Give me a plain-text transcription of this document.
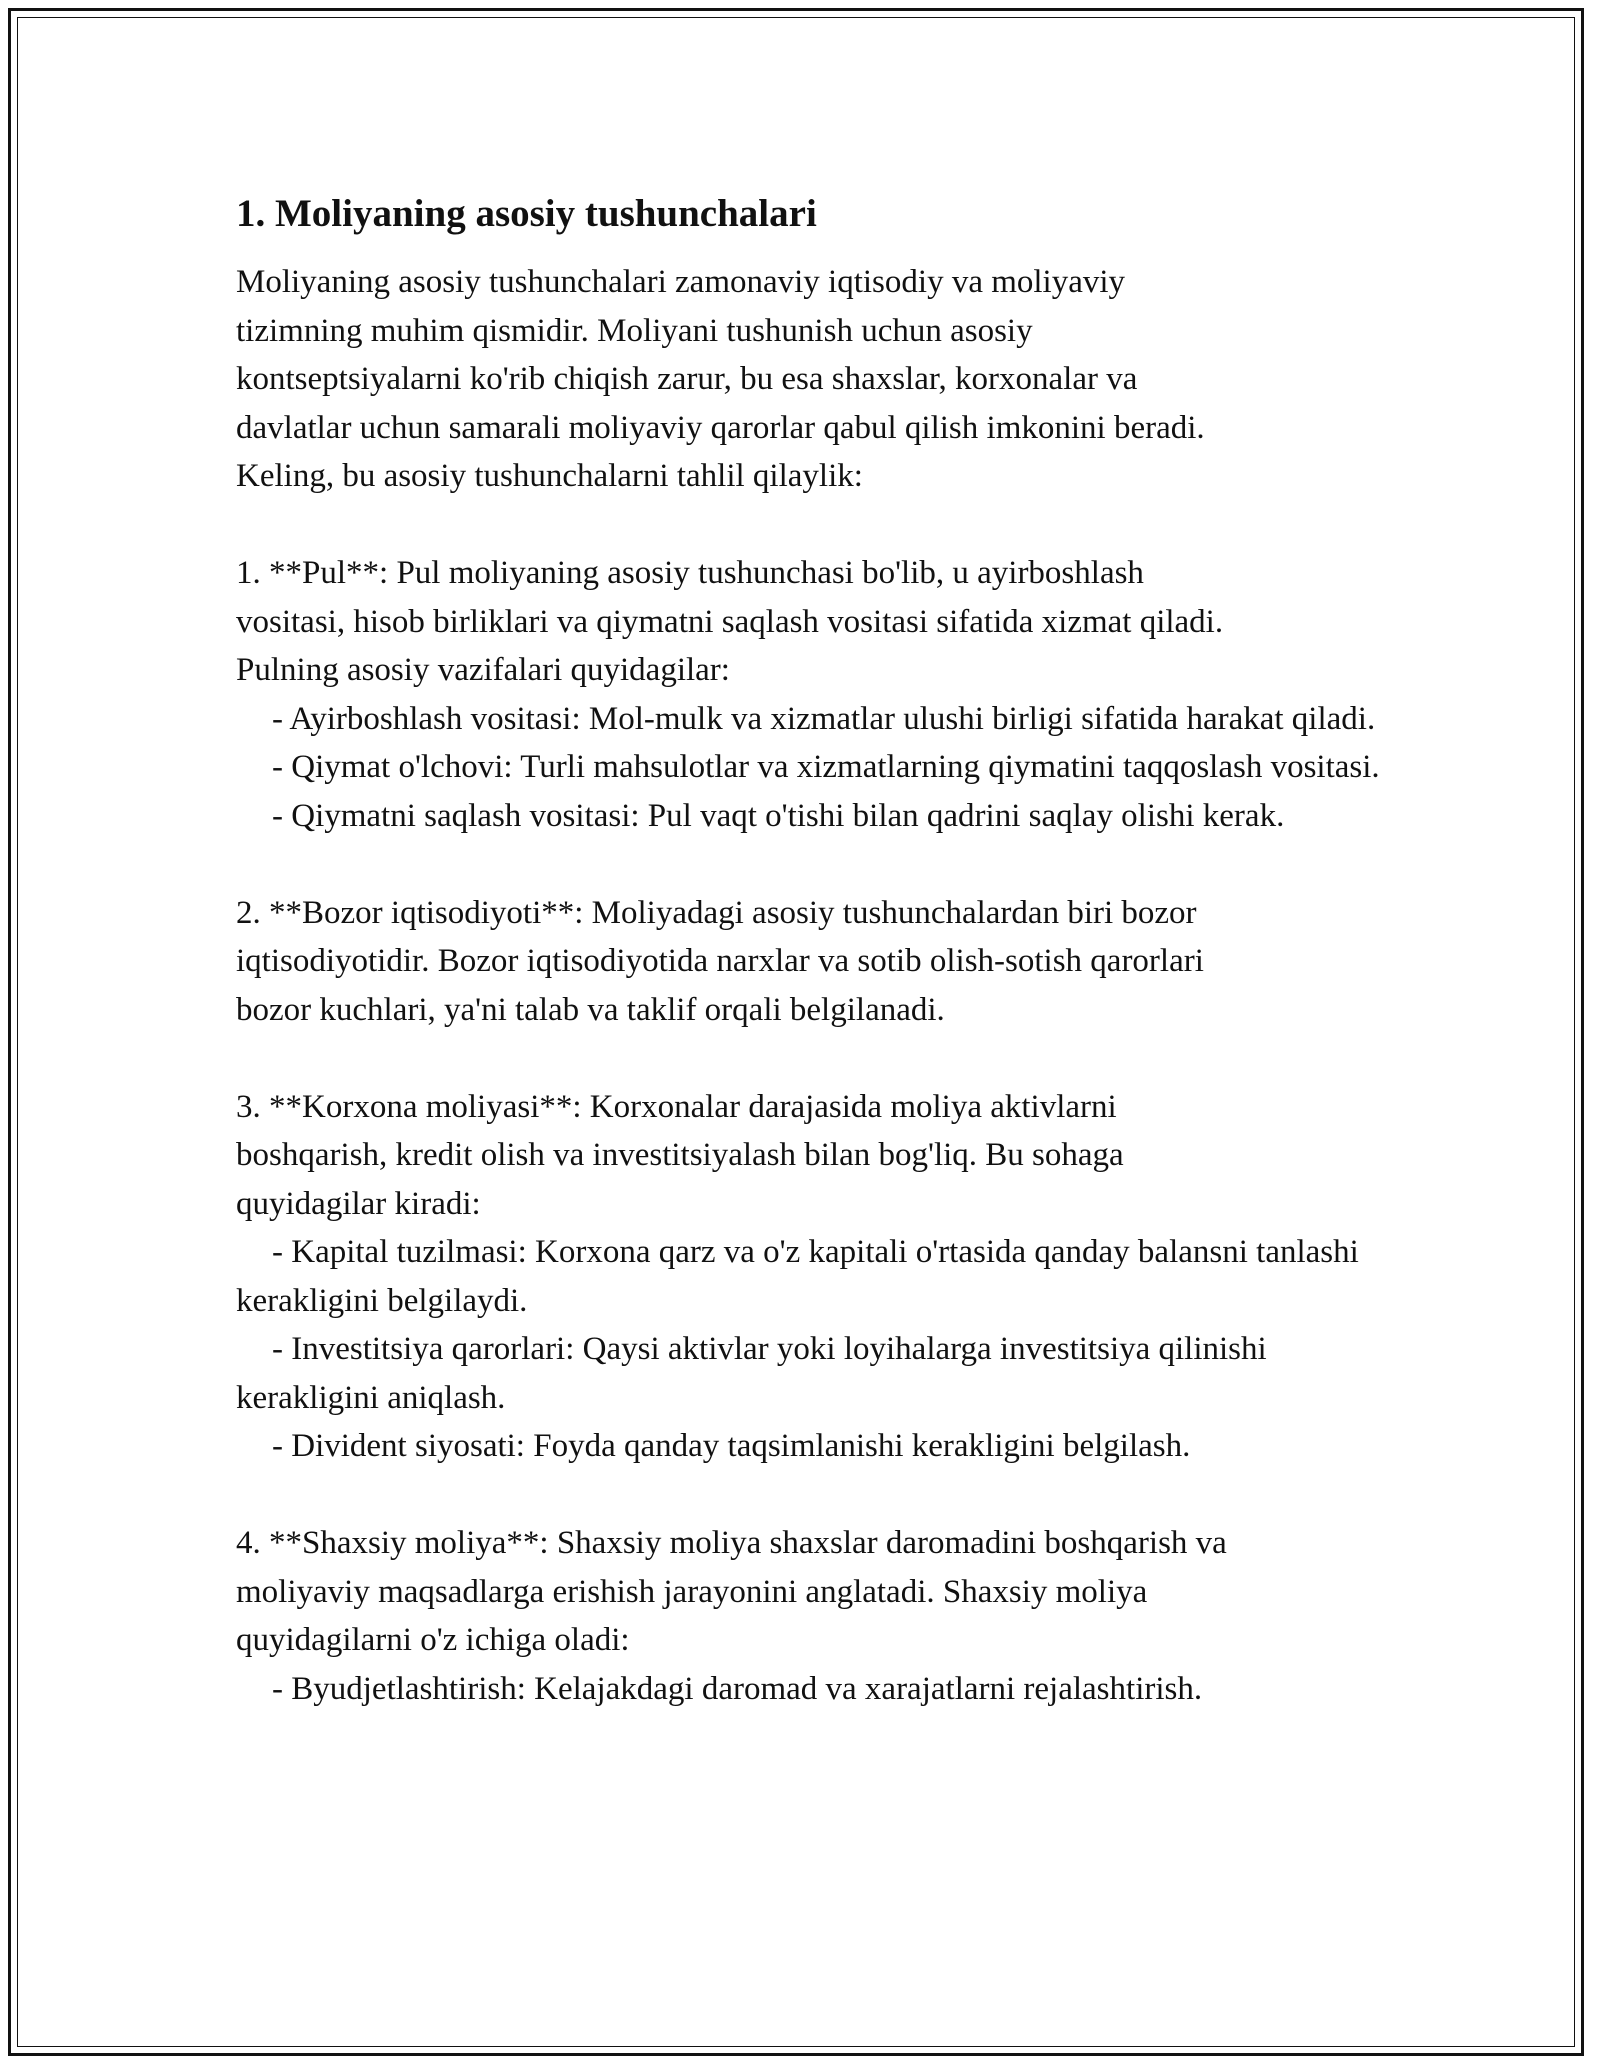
1. Moliyaning asosiy tushunchalari

Moliyaning asosiy tushunchalari zamonaviy iqtisodiy va moliyaviy
tizimning muhim qismidir. Moliyani tushunish uchun asosiy
kontseptsiyalarni ko'rib chiqish zarur, bu esa shaxslar, korxonalar va
davlatlar uchun samarali moliyaviy qarorlar qabul qilish imkonini beradi.
Keling, bu asosiy tushunchalarni tahlil qilaylik:

1. **Pul**: Pul moliyaning asosiy tushunchasi bo'lib, u ayirboshlash
vositasi, hisob birliklari va qiymatni saqlash vositasi sifatida xizmat qiladi.
Pulning asosiy vazifalari quyidagilar:

- Ayirboshlash vositasi: Mol-mulk va xizmatlar ulushi birligi sifatida harakat qiladi.

- Qiymat o'lchovi: Turli mahsulotlar va xizmatlarning qiymatini taqqoslash vositasi.

- Qiymatni saqlash vositasi: Pul vaqt o'tishi bilan qadrini saqlay olishi kerak.

2. **Bozor iqtisodiyoti**: Moliyadagi asosiy tushunchalardan biri bozor
iqtisodiyotidir. Bozor iqtisodiyotida narxlar va sotib olish-sotish qarorlari
bozor kuchlari, ya'ni talab va taklif orqali belgilanadi.

3. **Korxona moliyasi**: Korxonalar darajasida moliya aktivlarni
boshqarish, kredit olish va investitsiyalash bilan bog'liq. Bu sohaga
quyidagilar kiradi:

- Kapital tuzilmasi: Korxona qarz va o'z kapitali o'rtasida qanday balansni tanlashi kerakligini belgilaydi.

- Investitsiya qarorlari: Qaysi aktivlar yoki loyihalarga investitsiya qilinishi kerakligini aniqlash.

- Divident siyosati: Foyda qanday taqsimlanishi kerakligini belgilash.

4. **Shaxsiy moliya**: Shaxsiy moliya shaxslar daromadini boshqarish va
moliyaviy maqsadlarga erishish jarayonini anglatadi. Shaxsiy moliya
quyidagilarni o'z ichiga oladi:

- Byudjetlashtirish: Kelajakdagi daromad va xarajatlarni rejalashtirish.
